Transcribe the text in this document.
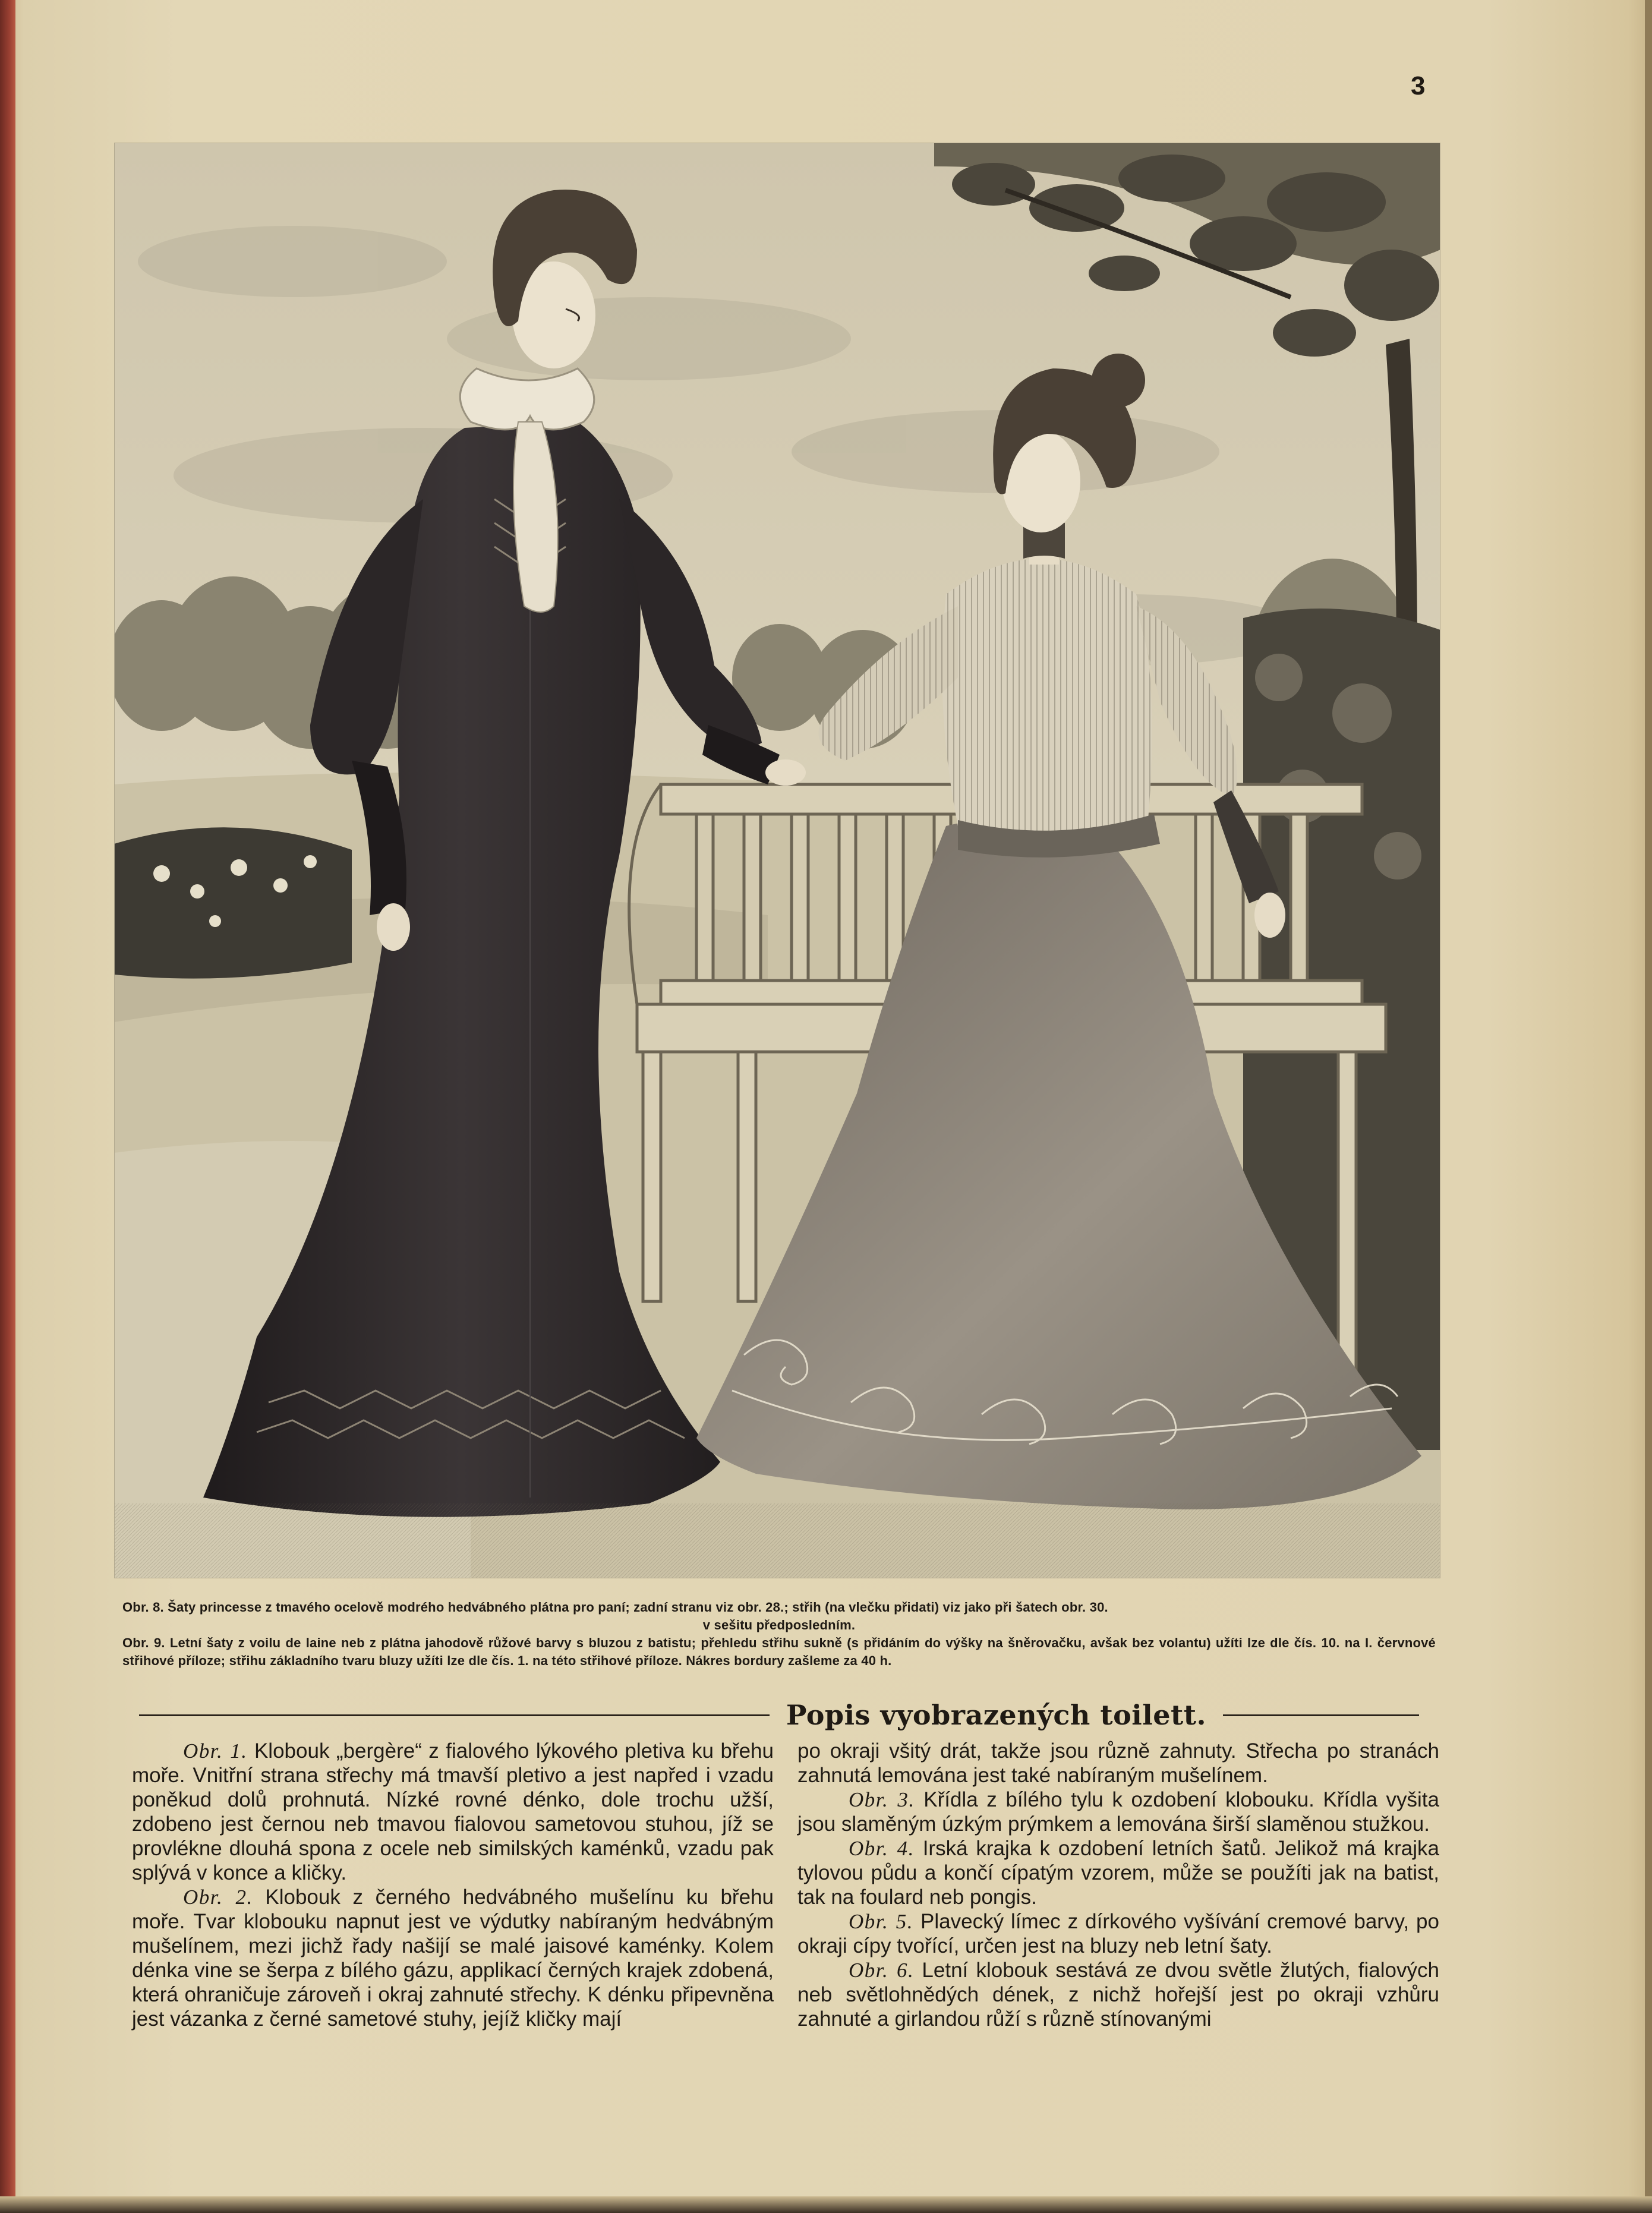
3

Obr. 8. Šaty princesse z tmavého ocelově modrého hedvábného plátna pro paní; zadní stranu viz obr. 28.; střih (na vlečku přidati) viz jako při šatech obr. 30.

v sešitu předposledním.

Obr. 9. Letní šaty z voilu de laine neb z plátna jahodově růžové barvy s bluzou z batistu; přehledu střihu sukně (s přidáním do výšky na šněrovačku, avšak bez volantu) užíti lze dle čís. 10. na I. červnové střihové příloze; střihu základního tvaru bluzy užíti lze dle čís. 1. na této střihové příloze. Nákres bordury zašleme za 40 h.

Popis vyobrazených toilett.

Obr. 1. Klobouk „bergère“ z fialového lýkového pletiva ku břehu moře. Vnitřní strana střechy má tmavší pletivo a jest napřed i vzadu poněkud dolů prohnutá. Nízké rovné dénko, dole trochu užší, zdobeno jest černou neb tmavou fialovou sametovou stuhou, jíž se provlékne dlouhá spona z ocele neb similských kaménků, vzadu pak splývá v konce a kličky.

Obr. 2. Klobouk z černého hedvábného mušelínu ku břehu moře. Tvar klobouku napnut jest ve výdutky nabíraným hedvábným mušelínem, mezi jichž řady našijí se malé jaisové kaménky. Kolem dénka vine se šerpa z bílého gázu, applikací černých krajek zdobená, která ohraničuje zároveň i okraj zahnuté střechy. K dénku připevněna jest vázanka z černé sametové stuhy, jejíž kličky mají

po okraji všitý drát, takže jsou různě zahnuty. Střecha po stranách zahnutá lemována jest také nabíraným mušelínem.

Obr. 3. Křídla z bílého tylu k ozdobení klobouku. Křídla vyšita jsou slaměným úzkým prýmkem a lemována širší slaměnou stužkou.

Obr. 4. Irská krajka k ozdobení letních šatů. Jelikož má krajka tylovou půdu a končí cípatým vzorem, může se použíti jak na batist, tak na foulard neb pongis.

Obr. 5. Plavecký límec z dírkového vyšívání cremové barvy, po okraji cípy tvořící, určen jest na bluzy neb letní šaty.

Obr. 6. Letní klobouk sestává ze dvou světle žlutých, fialových neb světlohnědých dének, z nichž hořejší jest po okraji vzhůru zahnuté a girlandou růží s různě stínovanými
